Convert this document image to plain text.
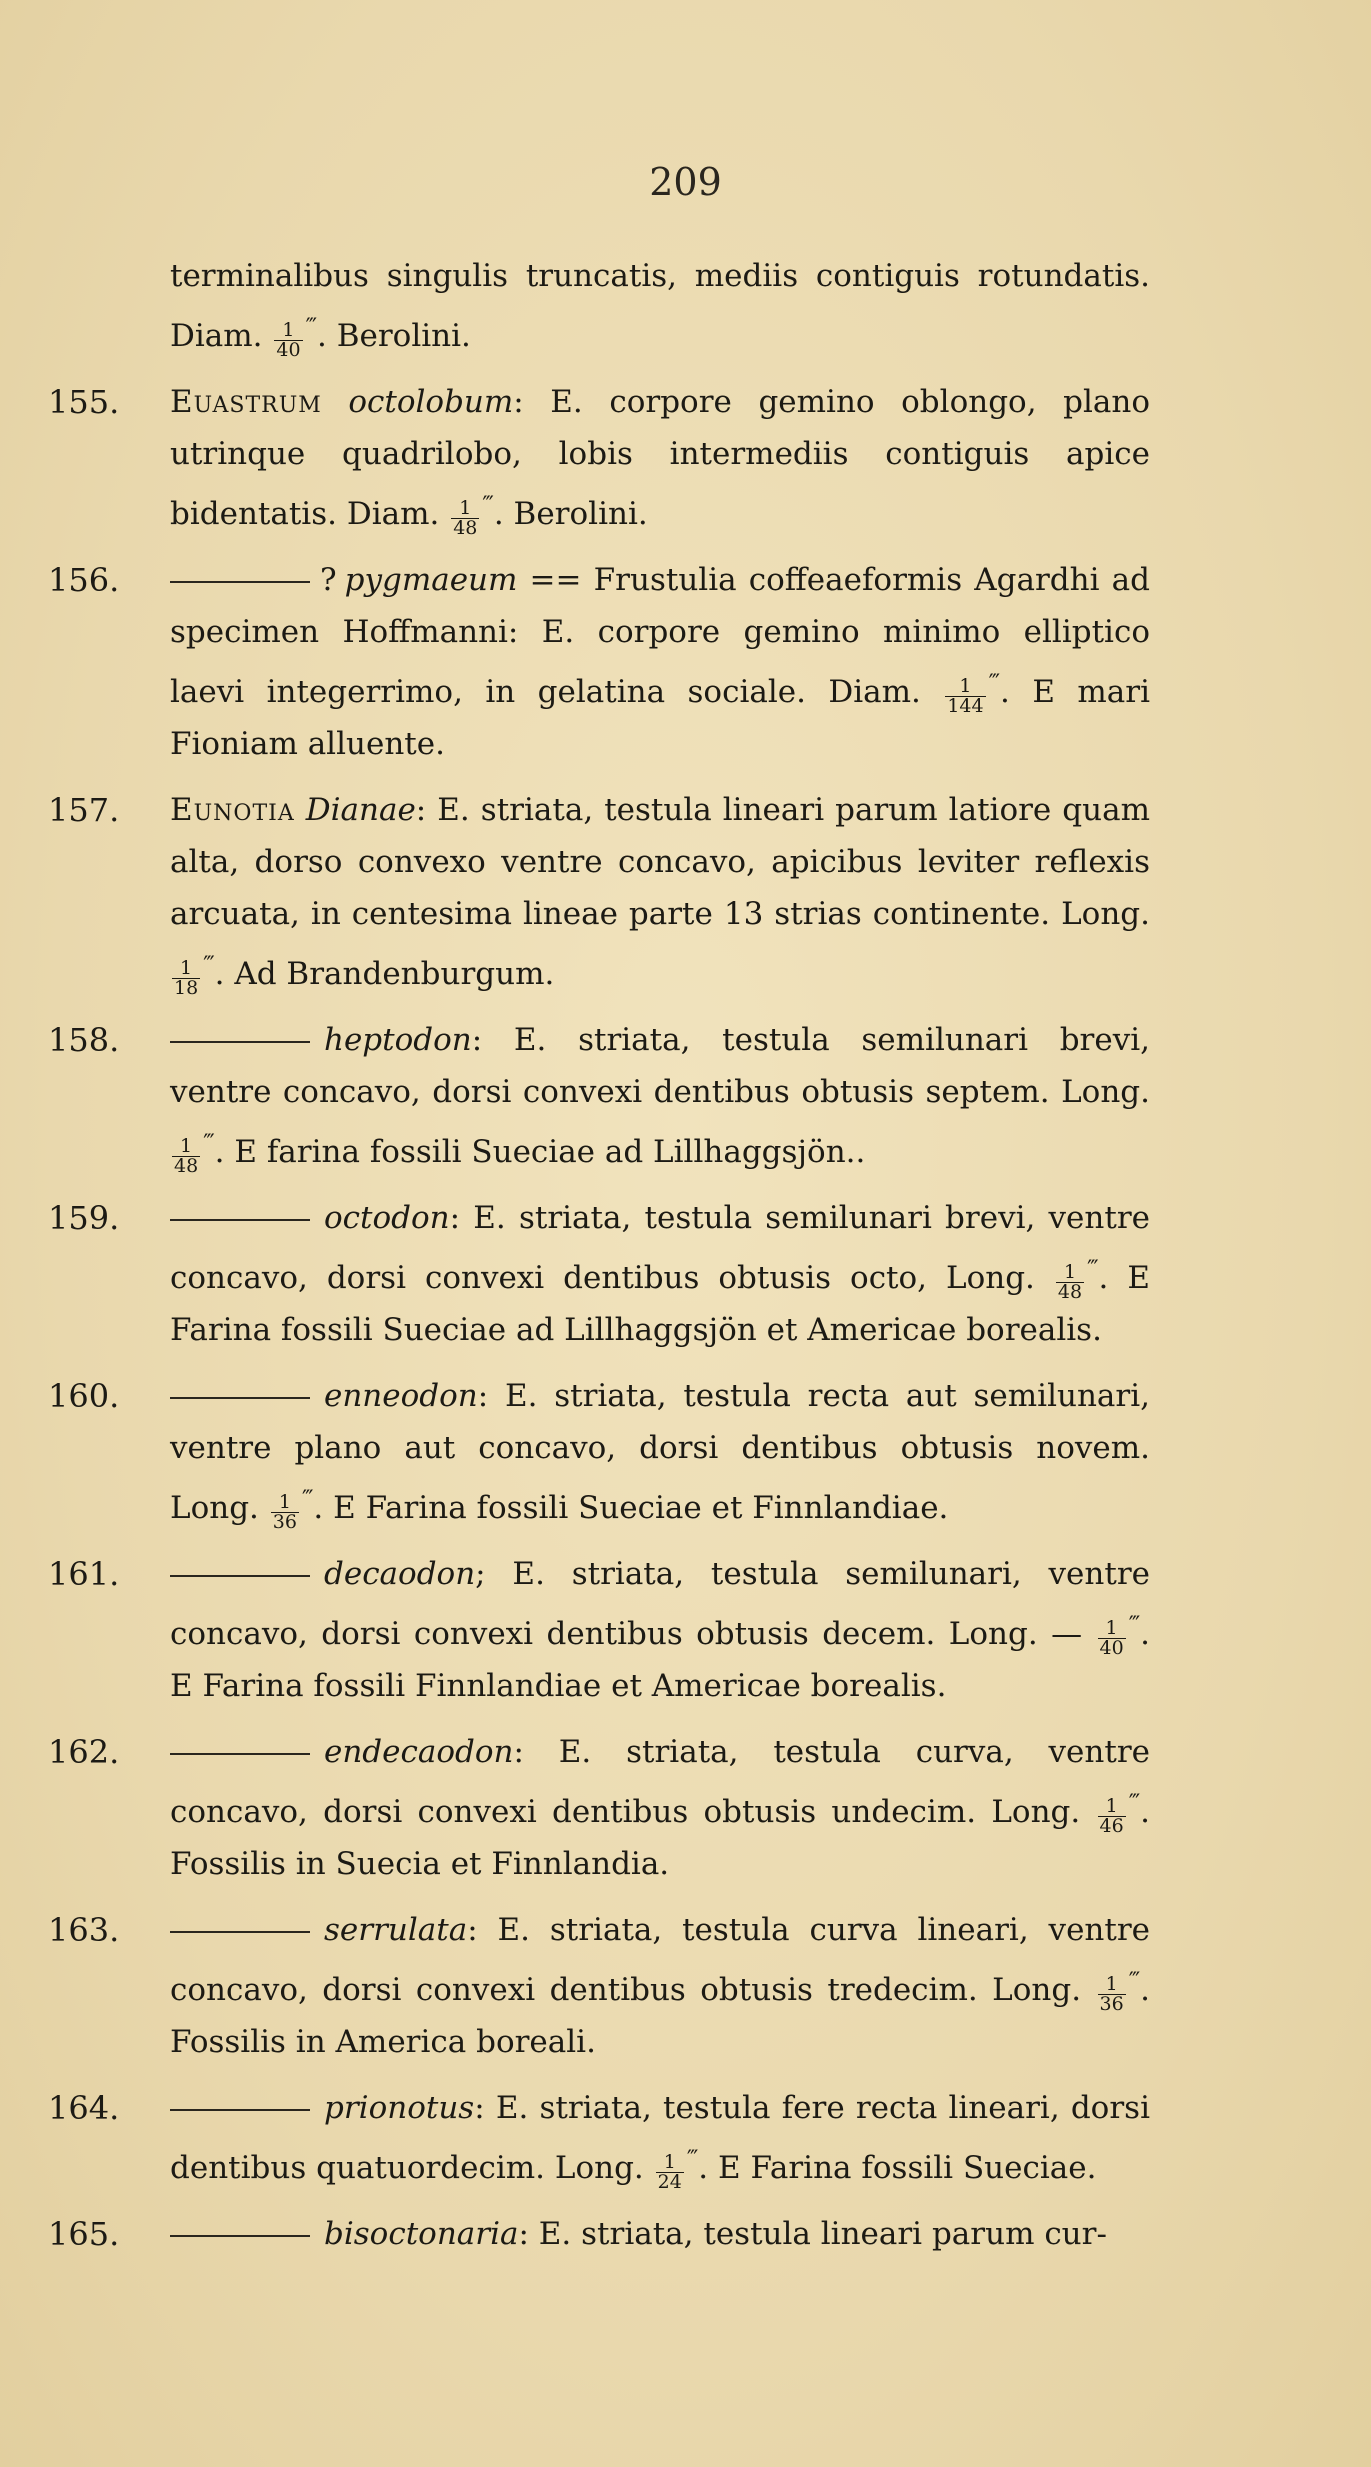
209
terminalibus singulis truncatis, mediis contiguis rotundatis. Diam. $\frac{1}{40}$ ‴. Berolini.
155.	Euastrum octolobum: E. corpore gemino oblongo, plano utrinque quadrilobo, lobis intermediis contiguis apice bidentatis. Diam. $\frac{1}{48}$ ‴. Berolini.
156.	? pygmaeum == Frustulia coffeaeformis Agardhi ad specimen Hoffmanni: E. corpore gemino minimo elliptico laevi integerrimo, in gelatina sociale. Diam. $\frac{1}{144}$ ‴. E mari Fioniam alluente.
157.	Eunotia Dianae: E. striata, testula lineari parum latiore quam alta, dorso convexo ventre concavo, apicibus leviter reflexis arcuata, in centesima lineae parte 13 strias continente. Long.
$\frac{1}{18}$ ‴. Ad Brandenburgum.
158.	heptodon: E. striata, testula semilunari brevi, ventre concavo, dorsi convexi dentibus obtusis septem. Long.
$\frac{1}{48}$ ‴. E farina fossili Sueciae ad Lillhaggsjön..
159.	octodon: E. striata, testula semilunari brevi, ventre concavo, dorsi convexi dentibus obtusis octo, Long. $\frac{1}{48}$ ‴. E Farina fossili Sueciae ad Lillhaggsjön et Americae borealis.
160.	enneodon: E. striata, testula recta aut semilunari, ventre plano aut concavo, dorsi dentibus obtusis novem. Long. $\frac{1}{36}$ ‴. E Farina fossili Sueciae et Finnlandiae.
161.	decaodon; E. striata, testula semilunari, ventre concavo, dorsi convexi dentibus obtusis decem. Long. — $\frac{1}{40}$ ‴. E Farina fossili Finnlandiae et Americae borealis.
162.	endecaodon: E. striata, testula curva, ventre concavo, dorsi convexi dentibus obtusis undecim. Long. $\frac{1}{46}$ ‴. Fossilis in Suecia et Finnlandia.
163.	serrulata: E. striata, testula curva lineari, ventre concavo, dorsi convexi dentibus obtusis tredecim. Long. $\frac{1}{36}$ ‴. Fossilis in America boreali.
164.	prionotus: E. striata, testula fere recta lineari, dorsi dentibus quatuordecim. Long. $\frac{1}{24}$ ‴. E Farina fossili Sueciae.
165.	bisoctonaria: E. striata, testula lineari parum cur-
